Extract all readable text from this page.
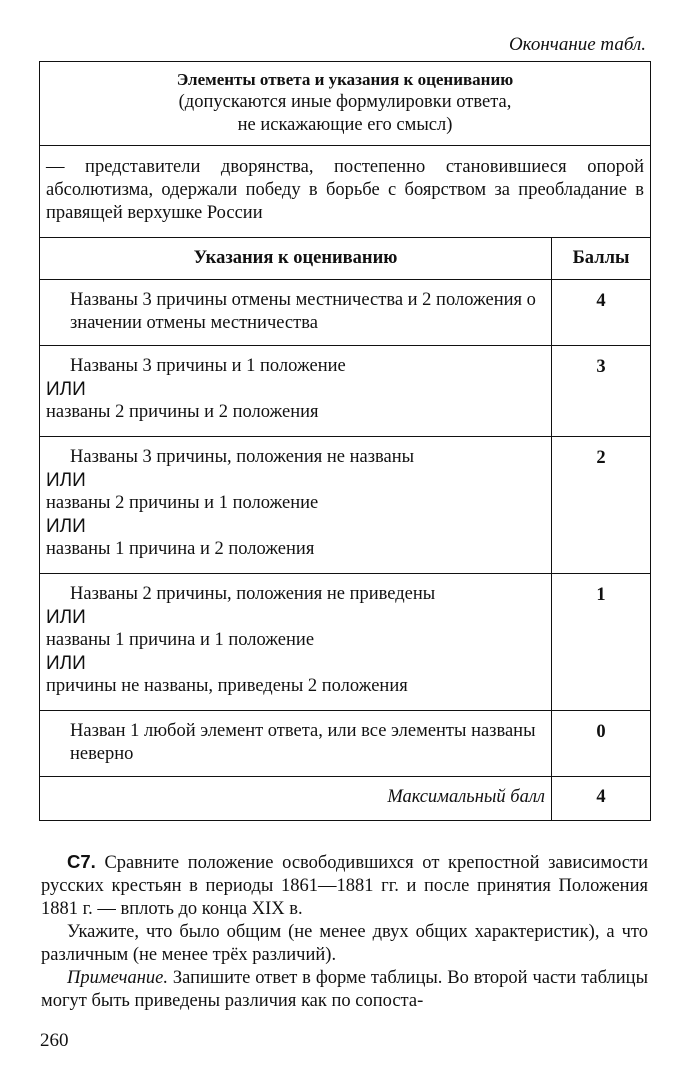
Окончание табл.
Элементы ответа и указания к оцениванию
(допускаются иные формулировки ответа,
не искажающие его смысл)	

— представители дворянства, постепенно становившиеся опорой абсолютизма, одержали победу в борьбе с боярством за преобладание в правящей верхушке России	
Указания к оцениванию	Баллы

Названы 3 причины отмены местничества и 2 положения о значении отмены местничества	4

Названы 3 причины и 1 положение
ИЛИ
названы 2 причины и 2 положения	3

Названы 3 причины, положения не названы
ИЛИ
названы 2 причины и 1 положение
ИЛИ
названы 1 причина и 2 положения	2

Названы 2 причины, положения не приведены
ИЛИ
названы 1 причина и 1 положение
ИЛИ
причины не названы, приведены 2 положения	1

Назван 1 любой элемент ответа, или все элементы названы неверно	0
Максимальный балл	4

С7. Сравните положение освободившихся от крепостной зависимости русских крестьян в периоды 1861—1881 гг. и после принятия Положения 1881 г. — вплоть до конца XIX в.

Укажите, что было общим (не менее двух общих характеристик), а что различным (не менее трёх различий).

Примечание. Запишите ответ в форме таблицы. Во второй части таблицы могут быть приведены различия как по сопоста-

260
